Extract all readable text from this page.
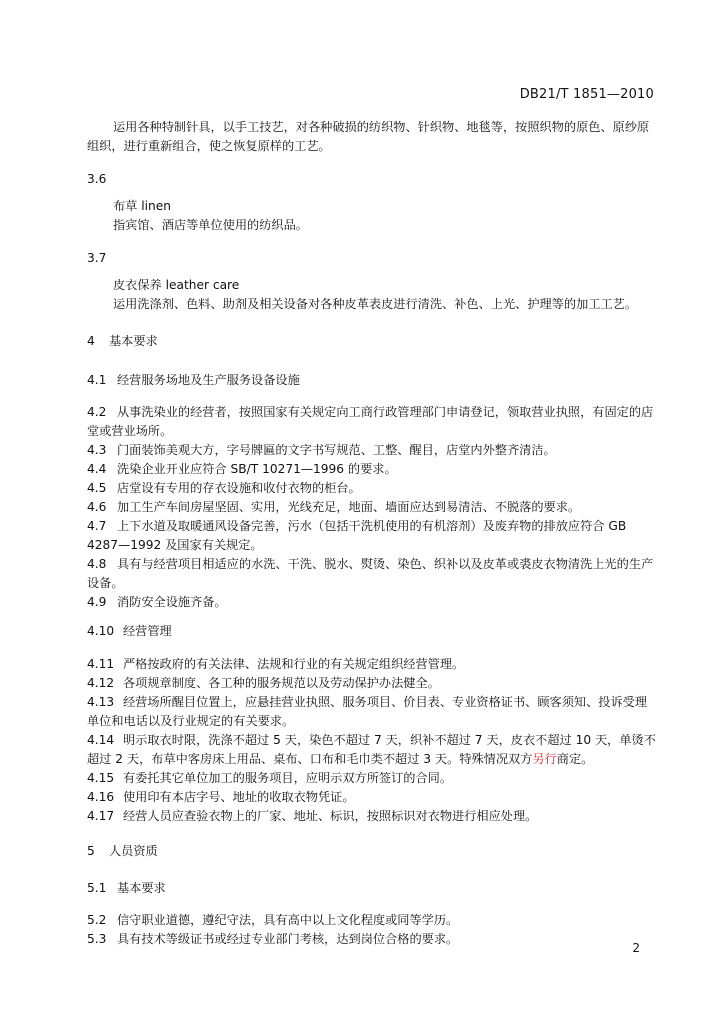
DB21/T 1851—2010

运用各种特制针具，以手工技艺，对各种破损的纺织物、针织物、地毯等，按照织物的原色、原纱原组织，进行重新组合，使之恢复原样的工艺。

3.6

布草 linen

指宾馆、酒店等单位使用的纺织品。

3.7

皮衣保养 leather care

运用洗涤剂、色料、助剂及相关设备对各种皮革表皮进行清洗、补色、上光、护理等的加工工艺。

4 基本要求

4.1 经营服务场地及生产服务设备设施

4.2 从事洗染业的经营者，按照国家有关规定向工商行政管理部门申请登记，领取营业执照，有固定的店堂或营业场所。

4.3 门面装饰美观大方，字号牌匾的文字书写规范、工整、醒目，店堂内外整齐清洁。

4.4 洗染企业开业应符合 SB/T 10271—1996 的要求。

4.5 店堂设有专用的存衣设施和收付衣物的柜台。

4.6 加工生产车间房屋坚固、实用，光线充足，地面、墙面应达到易清洁、不脱落的要求。

4.7 上下水道及取暖通风设备完善，污水（包括干洗机使用的有机溶剂）及废弃物的排放应符合 GB 4287—1992 及国家有关规定。

4.8 具有与经营项目相适应的水洗、干洗、脱水、熨烫、染色、织补以及皮革或裘皮衣物清洗上光的生产设备。

4.9 消防安全设施齐备。

4.10 经营管理

4.11 严格按政府的有关法律、法规和行业的有关规定组织经营管理。

4.12 各项规章制度、各工种的服务规范以及劳动保护办法健全。

4.13 经营场所醒目位置上，应悬挂营业执照、服务项目、价目表、专业资格证书、顾客须知、投诉受理单位和电话以及行业规定的有关要求。

4.14 明示取衣时限，洗涤不超过 5 天，染色不超过 7 天，织补不超过 7 天，皮衣不超过 10 天，单烫不超过 2 天，布草中客房床上用品、桌布、口布和毛巾类不超过 3 天。特殊情况双方另行商定。

4.15 有委托其它单位加工的服务项目，应明示双方所签订的合同。

4.16 使用印有本店字号、地址的收取衣物凭证。

4.17 经营人员应查验衣物上的厂家、地址、标识，按照标识对衣物进行相应处理。

5 人员资质

5.1 基本要求

5.2 信守职业道德，遵纪守法，具有高中以上文化程度或同等学历。

5.3 具有技术等级证书或经过专业部门考核，达到岗位合格的要求。

2
